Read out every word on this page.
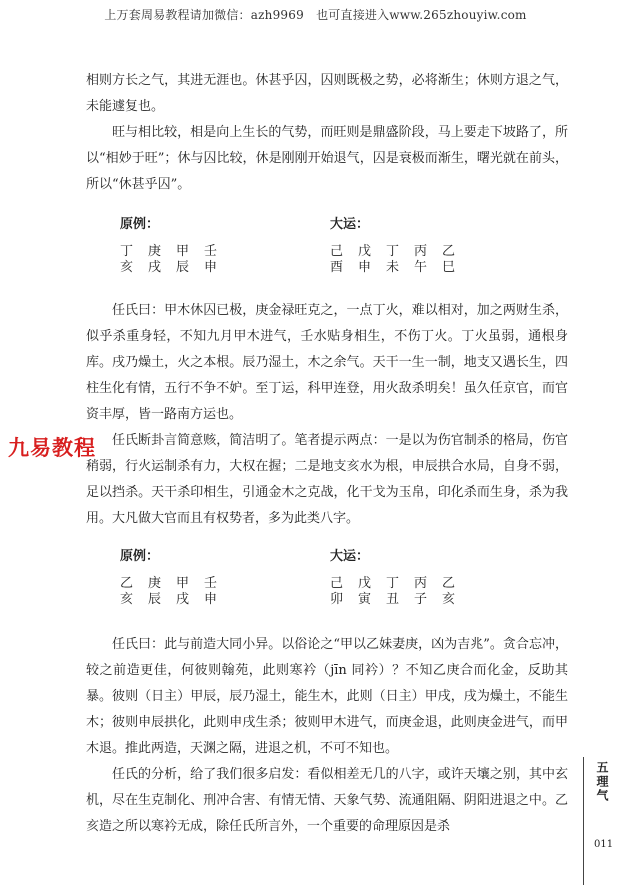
上万套周易教程请加微信：azh9969　也可直接进入www.265zhouyiw.com
九易教程

相则方长之气，其进无涯也。休甚乎囚，囚则既极之势，必将渐生；休则方退之气，未能遽复也。

旺与相比较，相是向上生长的气势，而旺则是鼎盛阶段，马上要走下坡路了，所以“相妙于旺”；休与囚比较，休是刚刚开始退气，囚是衰极而渐生，曙光就在前头，所以“休甚乎囚”。

原例：	大运：
丁 庚 甲 壬
亥 戌 辰 申
己 戊 丁 丙 乙
酉 申 未 午 巳

任氏曰：甲木休囚已极，庚金禄旺克之，一点丁火，难以相对，加之两财生杀，似乎杀重身轻，不知九月甲木进气，壬水贴身相生，不伤丁火。丁火虽弱，通根身库。戌乃燥土，火之本根。辰乃湿土，木之余气。天干一生一制，地支又遇长生，四柱生化有情，五行不争不妒。至丁运，科甲连登，用火敌杀明矣！虽久任京官，而官资丰厚，皆一路南方运也。

任氏断卦言简意赅，简洁明了。笔者提示两点：一是以为伤官制杀的格局，伤官稍弱，行火运制杀有力，大权在握；二是地支亥水为根，申辰拱合水局，自身不弱，足以挡杀。天干杀印相生，引通金木之克战，化干戈为玉帛，印化杀而生身，杀为我用。大凡做大官而且有权势者，多为此类八字。

原例：	大运：
乙 庚 甲 壬
亥 辰 戌 申
己 戊 丁 丙 乙
卯 寅 丑 子 亥

任氏曰：此与前造大同小异。以俗论之“甲以乙妹妻庚，凶为吉兆”。贪合忘冲，较之前造更佳，何彼则翰苑，此则寒衿（jīn 同衿）？不知乙庚合而化金，反助其暴。彼则（日主）甲辰，辰乃湿土，能生木，此则（日主）甲戌，戌为燥土，不能生木；彼则申辰拱化，此则申戌生杀；彼则甲木进气，而庚金退，此则庚金进气，而甲木退。推此两造，天渊之隔，进退之机，不可不知也。

任氏的分析，给了我们很多启发：看似相差无几的八字，或许天壤之别，其中玄机，尽在生克制化、刑冲合害、有情无情、天象气势、流通阻隔、阴阳进退之中。乙亥造之所以寒衿无成，除任氏所言外，一个重要的命理原因是杀

五理气
011
